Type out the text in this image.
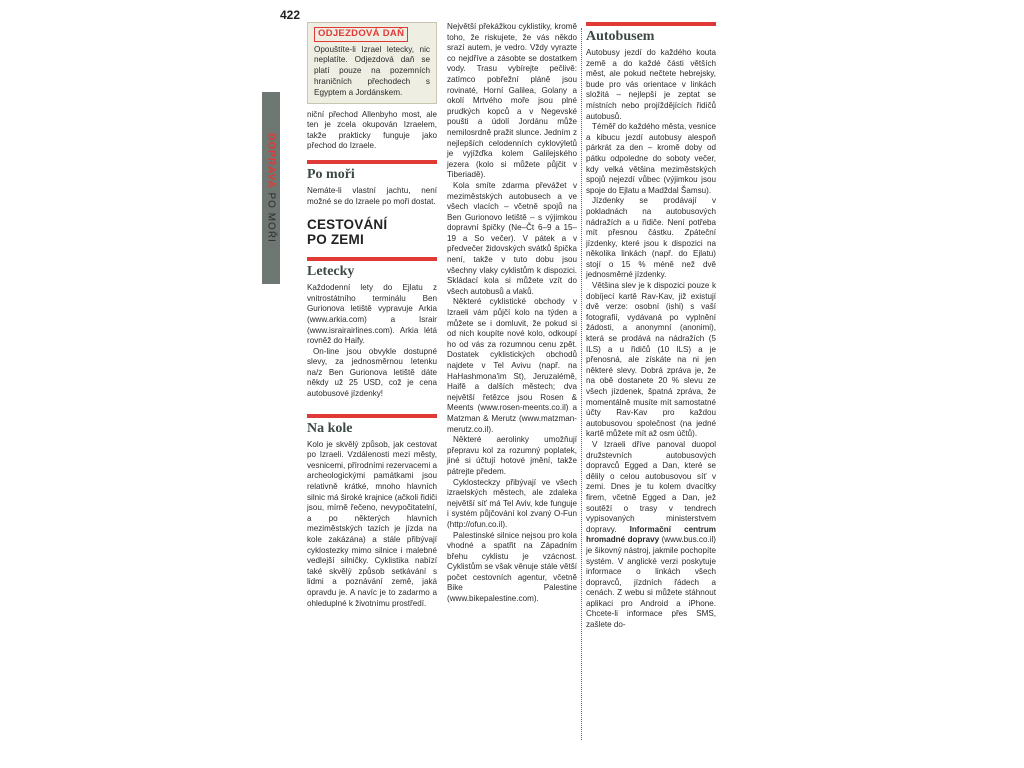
422
DOPRAVA PO MOŘI
ODJEZDOVÁ DAŇ

Opouštíte-li Izrael letecky, nic neplatíte. Odjezdová daň se platí pouze na pozemních hraničních přechodech s Egyptem a Jordánskem.

niční přechod Allenbyho most, ale ten je zcela okupován Izraelem, takže prakticky funguje jako přechod do Izraele.

Po moři

Nemáte-li vlastní jachtu, není možné se do Izraele po moři dostat.

CESTOVÁNÍ
PO ZEMI
Letecky

Každodenní lety do Ejlatu z vnitrostátního terminálu Ben Gurionova letiště vypravuje Arkia (www.arkia.com) a Israir (www.israirairlines.com). Arkia létá rovněž do Haify.

On-line jsou obvykle dostupné slevy, za jednosměrnou letenku na/z Ben Gurionova letiště dáte někdy už 25 USD, což je cena autobusové jízdenky!

Na kole

Kolo je skvělý způsob, jak cestovat po Izraeli. Vzdálenosti mezi městy, vesnicemi, přírodními rezervacemi a archeologickými památkami jsou relativně krátké, mnoho hlavních silnic má široké krajnice (ačkoli řidiči jsou, mírně řečeno, nevypočitatelní, a po některých hlavních meziměstských tazích je jízda na kole zakázána) a stále přibývají cyklostezky mimo silnice i malebné vedlejší silničky. Cyklistika nabízí také skvělý způsob setkávání s lidmi a poznávání země, jaká opravdu je. A navíc je to zadarmo a ohleduplné k životnímu prostředí.

Největší překážkou cyklistiky, kromě toho, že riskujete, že vás někdo srazí autem, je vedro. Vždy vyrazte co nejdříve a zásobte se dostatkem vody. Trasu vybírejte pečlivě: zatímco pobřežní pláně jsou rovinaté, Horní Galilea, Golany a okolí Mrtvého moře jsou plné prudkých kopců a v Negevské poušti a údolí Jordánu může nemilosrdně pražit slunce. Jedním z nejlepších celodenních cyklovýletů je vyjížďka kolem Galilejského jezera (kolo si můžete půjčit v Tiberiadě).

Kola smíte zdarma převážet v meziměstských autobusech a ve všech vlacích – včetně spojů na Ben Gurionovo letiště – s výjimkou dopravní špičky (Ne–Čt 6–9 a 15–19 a So večer). V pátek a v předvečer židovských svátků špička není, takže v tuto dobu jsou všechny vlaky cyklistům k dispozici. Skládací kola si můžete vzít do všech autobusů a vlaků.

Některé cyklistické obchody v Izraeli vám půjčí kolo na týden a můžete se i domluvit, že pokud si od nich koupíte nové kolo, odkoupí ho od vás za rozumnou cenu zpět. Dostatek cyklistických obchodů najdete v Tel Avivu (např. na HaHashmona'im St), Jeruzalémě, Haifě a dalších městech; dva největší řetězce jsou Rosen & Meents (www.rosen-meents.co.il) a Matzman & Merutz (www.matzman-merutz.co.il).

Některé aerolinky umožňují přepravu kol za rozumný poplatek, jiné si účtují hotové jmění, takže pátrejte předem.

Cyklosteckzy přibývají ve všech izraelských městech, ale zdaleka největší síť má Tel Aviv, kde funguje i systém půjčování kol zvaný O-Fun (http://ofun.co.il).

Palestinské silnice nejsou pro kola vhodné a spatřit na Západním břehu cyklistu je vzácnost. Cyklistům se však věnuje stále větší počet cestovních agentur, včetně Bike Palestine (www.bikepalestine.com).

Autobusem

Autobusy jezdí do každého kouta země a do každé části větších měst, ale pokud nečtete hebrejsky, bude pro vás orientace v linkách složitá – nejlepší je zeptat se místních nebo projíždějících řidičů autobusů.

Téměř do každého města, vesnice a kibucu jezdí autobusy alespoň párkrát za den – kromě doby od pátku odpoledne do soboty večer, kdy velká většina meziměstských spojů nejezdí vůbec (výjimkou jsou spoje do Ejlatu a Madždal Šamsu).

Jízdenky se prodávají v pokladnách na autobusových nádražích a u řidiče. Není potřeba mít přesnou částku. Zpáteční jízdenky, které jsou k dispozici na několika linkách (např. do Ejlatu) stojí o 15 % méně než dvě jednosměrné jízdenky.

Většina slev je k dispozici pouze k dobíjecí kartě Rav-Kav, již existují dvě verze: osobní (ishi) s vaší fotografií, vydávaná po vyplnění žádosti, a anonymní (anonimi), která se prodává na nádražích (5 ILS) a u řidičů (10 ILS) a je přenosná, ale získáte na ni jen některé slevy. Dobrá zpráva je, že na obě dostanete 20 % slevu ze všech jízdenek, špatná zpráva, že momentálně musíte mít samostatné účty Rav-Kav pro každou autobusovou společnost (na jedné kartě můžete mít až osm účtů).

V Izraeli dříve panoval duopol družstevních autobusových dopravců Egged a Dan, které se dělily o celou autobusovou síť v zemi. Dnes je tu kolem dvacítky firem, včetně Egged a Dan, jež soutěží o trasy v tendrech vypisovaných ministerstvem dopravy. Informační centrum hromadné dopravy (www.bus.co.il) je šikovný nástroj, jakmile pochopíte systém. V anglické verzi poskytuje informace o linkách všech dopravců, jízdních řádech a cenách. Z webu si můžete stáhnout aplikaci pro Android a iPhone. Chcete-li informace přes SMS, zašlete do-
